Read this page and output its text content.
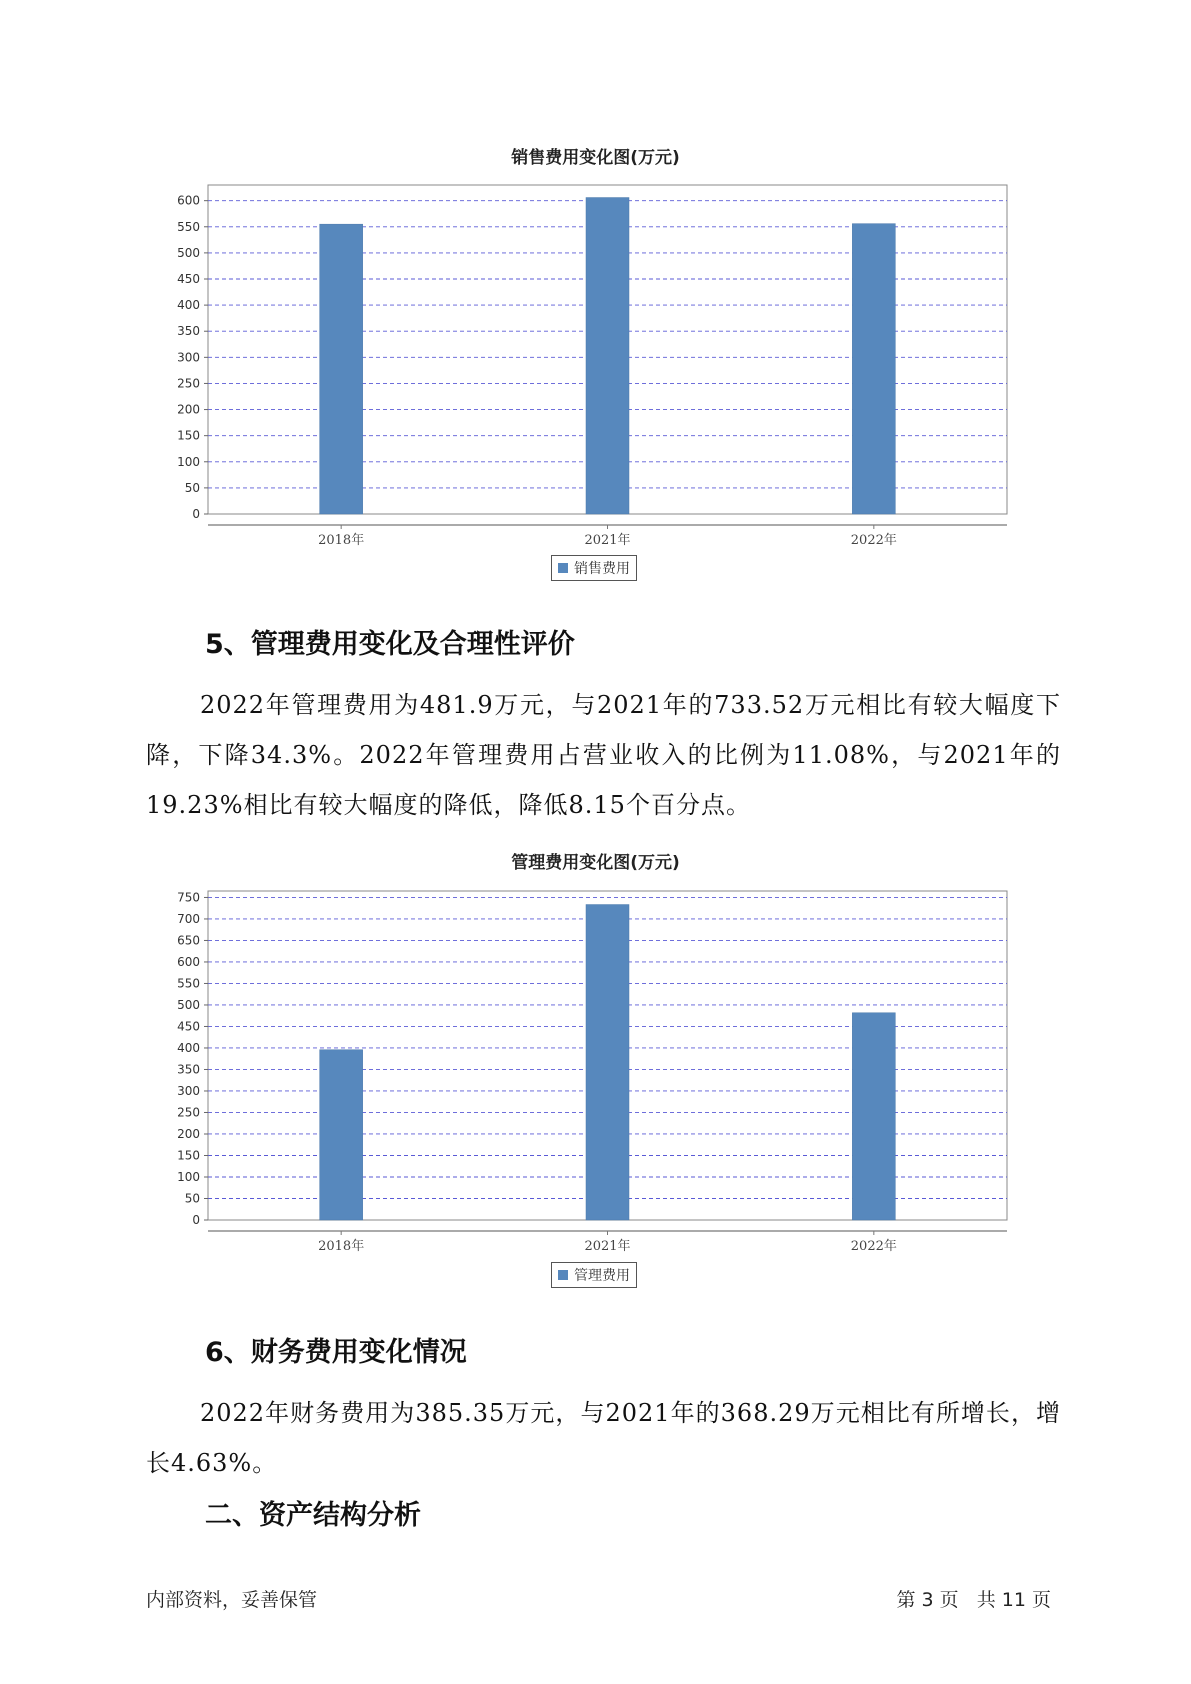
销售费用变化图(万元)
0
50
100
150
200
250
300
350
400
450
500
550
600
2018年	2021年	2022年
销售费用
5、管理费用变化及合理性评价

2022年管理费用为481.9万元，与2021年的733.52万元相比有较大幅度下降，下降34.3%。2022年管理费用占营业收入的比例为11.08%，与2021年的19.23%相比有较大幅度的降低，降低8.15个百分点。

管理费用变化图(万元)
0
50
100
150
200
250
300
350
400
450
500
550
600
650
700
750
2018年	2021年	2022年
管理费用
6、财务费用变化情况

2022年财务费用为385.35万元，与2021年的368.29万元相比有所增长，增长4.63%。

二、资产结构分析
内部资料，妥善保管	第 3 页   共 11 页
